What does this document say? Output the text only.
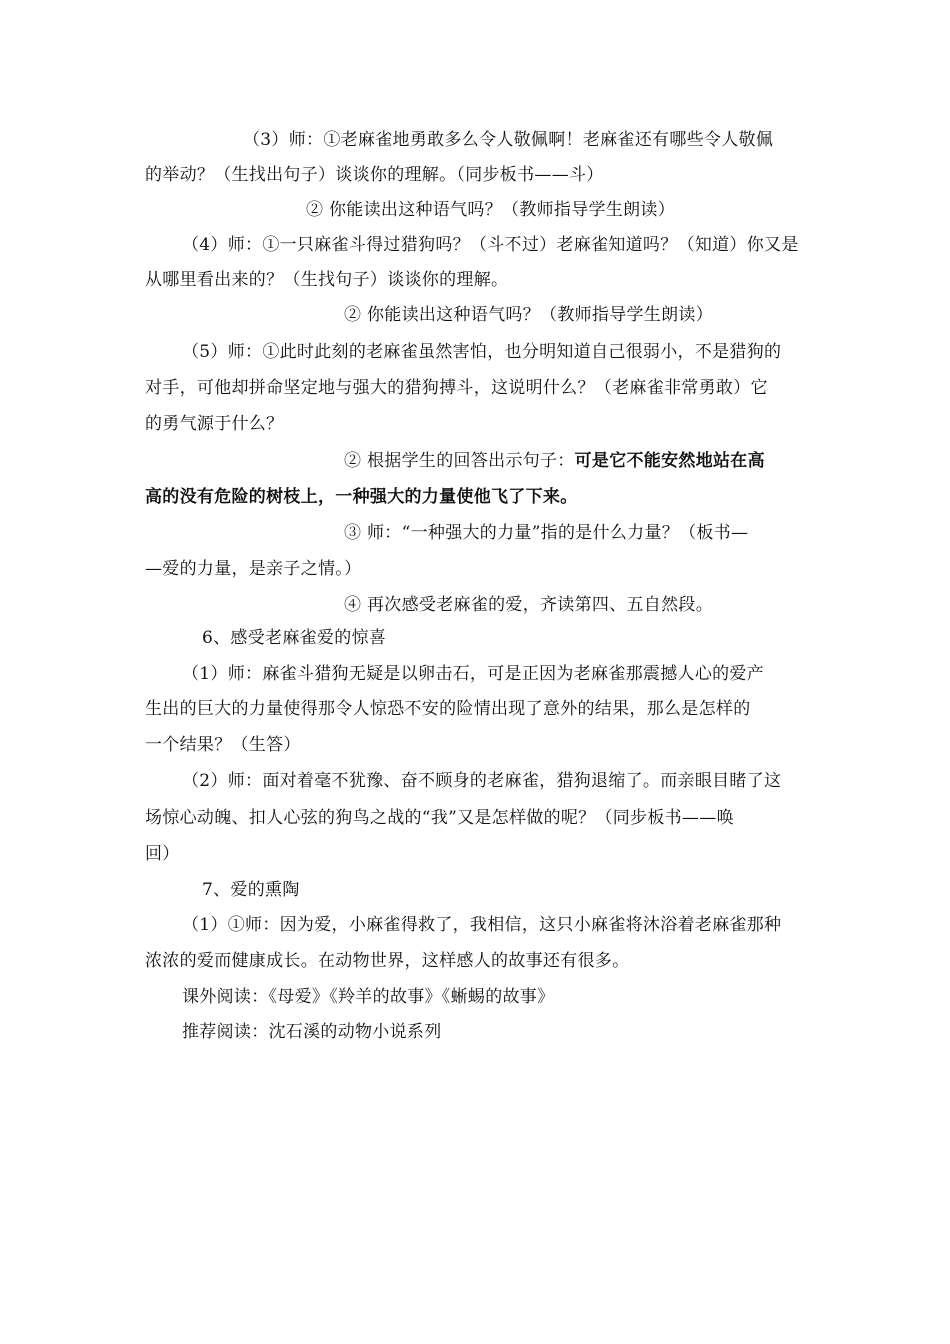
（3）师：①老麻雀地勇敢多么令人敬佩啊！老麻雀还有哪些令人敬佩
的举动？（生找出句子）谈谈你的理解。（同步板书——斗）
② 你能读出这种语气吗？（教师指导学生朗读）
（4）师：①一只麻雀斗得过猎狗吗？（斗不过）老麻雀知道吗？（知道）你又是
从哪里看出来的？（生找句子）谈谈你的理解。
② 你能读出这种语气吗？（教师指导学生朗读）
（5）师：①此时此刻的老麻雀虽然害怕，也分明知道自己很弱小，不是猎狗的
对手，可他却拼命坚定地与强大的猎狗搏斗，这说明什么？（老麻雀非常勇敢）它
的勇气源于什么？
② 根据学生的回答出示句子：可是它不能安然地站在高
高的没有危险的树枝上，一种强大的力量使他飞了下来。
③ 师：“一种强大的力量”指的是什么力量？（板书—
—爱的力量，是亲子之情。）
④ 再次感受老麻雀的爱，齐读第四、五自然段。
6、感受老麻雀爱的惊喜
（1）师：麻雀斗猎狗无疑是以卵击石，可是正因为老麻雀那震撼人心的爱产
生出的巨大的力量使得那令人惊恐不安的险情出现了意外的结果，那么是怎样的
一个结果？（生答）
（2）师：面对着毫不犹豫、奋不顾身的老麻雀，猎狗退缩了。而亲眼目睹了这
场惊心动魄、扣人心弦的狗鸟之战的“我”又是怎样做的呢？（同步板书——唤
回）
7、爱的熏陶
（1）①师：因为爱，小麻雀得救了，我相信，这只小麻雀将沐浴着老麻雀那种
浓浓的爱而健康成长。在动物世界，这样感人的故事还有很多。
课外阅读：《母爱》《羚羊的故事》《蜥蜴的故事》
推荐阅读：沈石溪的动物小说系列
